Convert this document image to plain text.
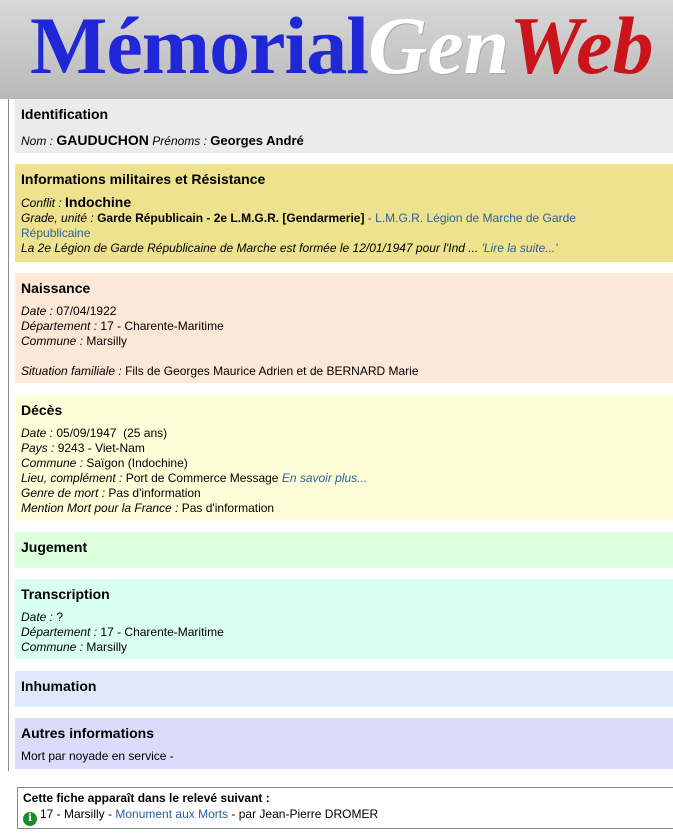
MémorialGenWeb
Identification
Nom : GAUDUCHON Prénoms : Georges André
Informations militaires et Résistance
Conflit : Indochine
Grade, unité : Garde Républicain - 2e L.M.G.R. [Gendarmerie] - L.M.G.R. Légion de Marche de Garde
Républicaine
La 2e Légion de Garde Républicaine de Marche est formée le 12/01/1947 pour l'Ind ... 'Lire la suite...'
Naissance
Date : 07/04/1922
Département : 17 - Charente-Maritime
Commune : Marsilly
Situation familiale : Fils de Georges Maurice Adrien et de BERNARD Marie
Décès
Date : 05/09/1947  (25 ans)
Pays : 9243 - Viet-Nam
Commune : Saïgon (Indochine)
Lieu, complément : Port de Commerce Message En savoir plus...
Genre de mort : Pas d'information
Mention Mort pour la France : Pas d'information
Jugement
Transcription
Date : ?
Département : 17 - Charente-Maritime
Commune : Marsilly
Inhumation
Autres informations
Mort par noyade en service -
Cette fiche apparaît dans le relevé suivant :
i 17 - Marsilly - Monument aux Morts - par Jean-Pierre DROMER
